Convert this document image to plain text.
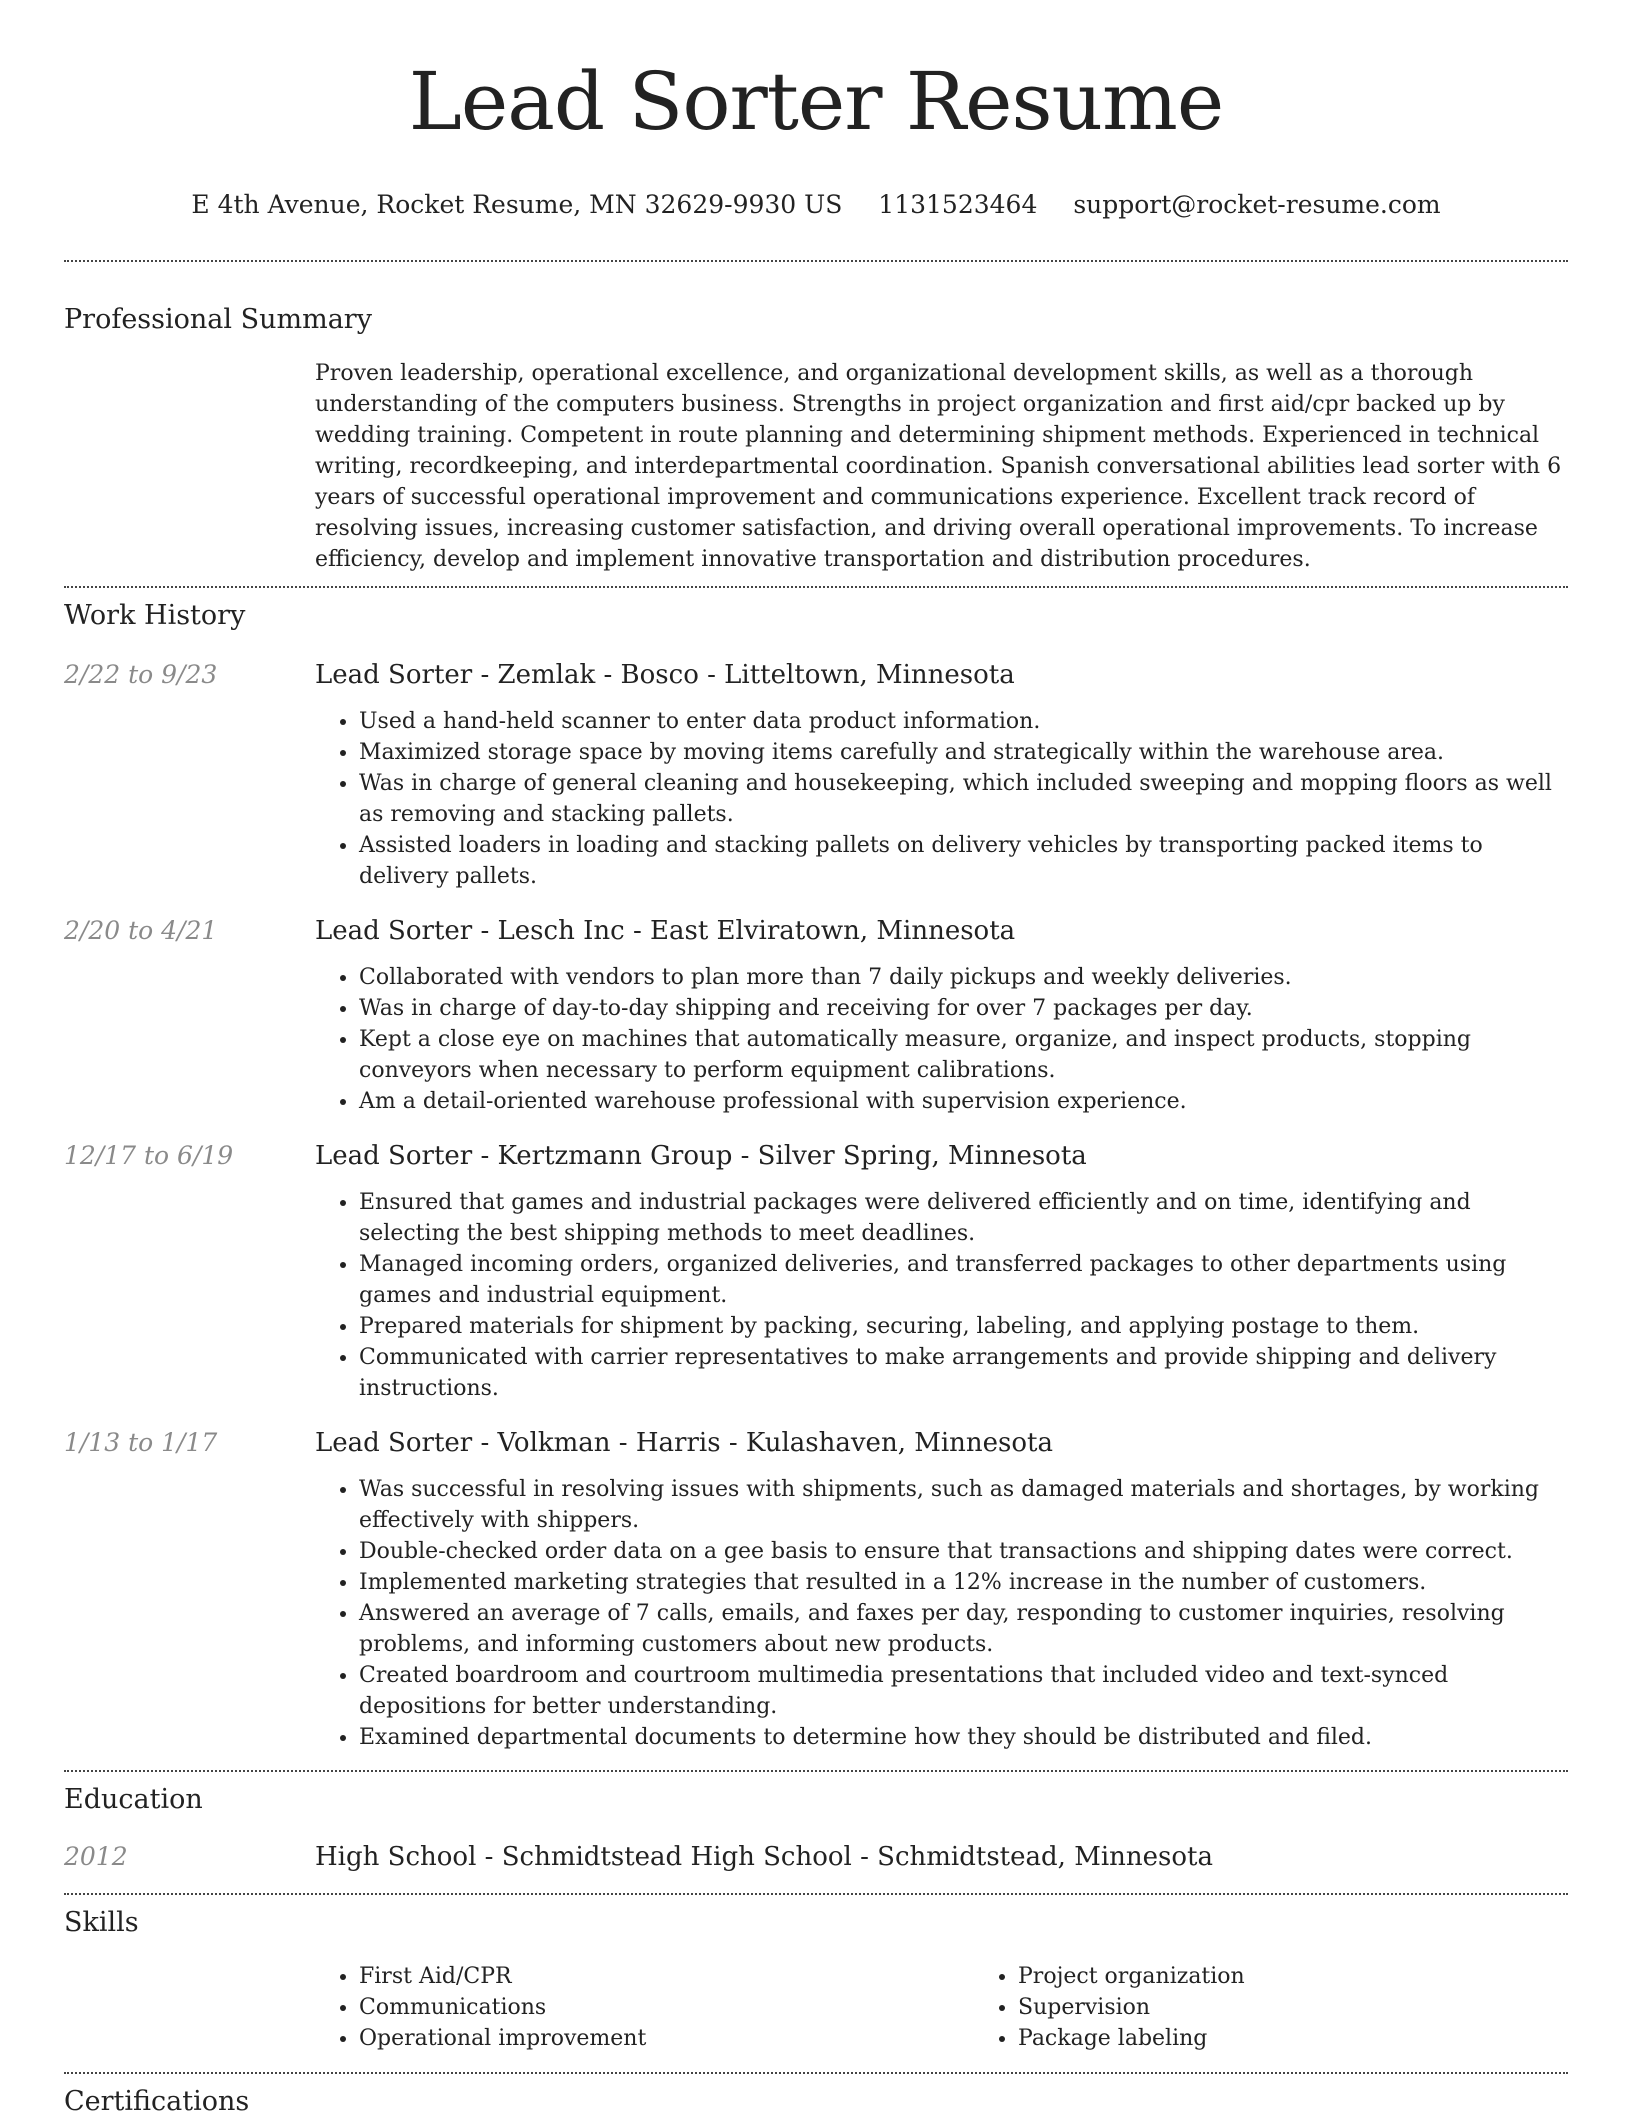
Lead Sorter Resume
E 4th Avenue, Rocket Resume, MN 32629-9930 US 1131523464 support@rocket-resume.com
Professional Summary

Proven leadership, operational excellence, and organizational development skills, as well as a thorough understanding of the computers business. Strengths in project organization and first aid/cpr backed up by wedding training. Competent in route planning and determining shipment methods. Experienced in technical writing, recordkeeping, and interdepartmental coordination. Spanish conversational abilities lead sorter with 6 years of successful operational improvement and communications experience. Excellent track record of resolving issues, increasing customer satisfaction, and driving overall operational improvements. To increase efficiency, develop and implement innovative transportation and distribution procedures.

Work History
2/22 to 9/23	Lead Sorter - Zemlak - Bosco - Litteltown, Minnesota

• Used a hand-held scanner to enter data product information.
• Maximized storage space by moving items carefully and strategically within the warehouse area.
• Was in charge of general cleaning and housekeeping, which included sweeping and mopping floors as well as removing and stacking pallets.
• Assisted loaders in loading and stacking pallets on delivery vehicles by transporting packed items to delivery pallets.
2/20 to 4/21	Lead Sorter - Lesch Inc - East Elviratown, Minnesota

• Collaborated with vendors to plan more than 7 daily pickups and weekly deliveries.
• Was in charge of day-to-day shipping and receiving for over 7 packages per day.
• Kept a close eye on machines that automatically measure, organize, and inspect products, stopping conveyors when necessary to perform equipment calibrations.
• Am a detail-oriented warehouse professional with supervision experience.
12/17 to 6/19	Lead Sorter - Kertzmann Group - Silver Spring, Minnesota

• Ensured that games and industrial packages were delivered efficiently and on time, identifying and selecting the best shipping methods to meet deadlines.
• Managed incoming orders, organized deliveries, and transferred packages to other departments using games and industrial equipment.
• Prepared materials for shipment by packing, securing, labeling, and applying postage to them.
• Communicated with carrier representatives to make arrangements and provide shipping and delivery instructions.
1/13 to 1/17	Lead Sorter - Volkman - Harris - Kulashaven, Minnesota

• Was successful in resolving issues with shipments, such as damaged materials and shortages, by working effectively with shippers.
• Double-checked order data on a gee basis to ensure that transactions and shipping dates were correct.
• Implemented marketing strategies that resulted in a 12% increase in the number of customers.
• Answered an average of 7 calls, emails, and faxes per day, responding to customer inquiries, resolving problems, and informing customers about new products.
• Created boardroom and courtroom multimedia presentations that included video and text-synced depositions for better understanding.
• Examined departmental documents to determine how they should be distributed and filed.
Education
2012	High School - Schmidtstead High School - Schmidtstead, Minnesota

Skills
• First Aid/CPR
• Communications
• Operational improvement
• Project organization
• Supervision
• Package labeling
Certifications
